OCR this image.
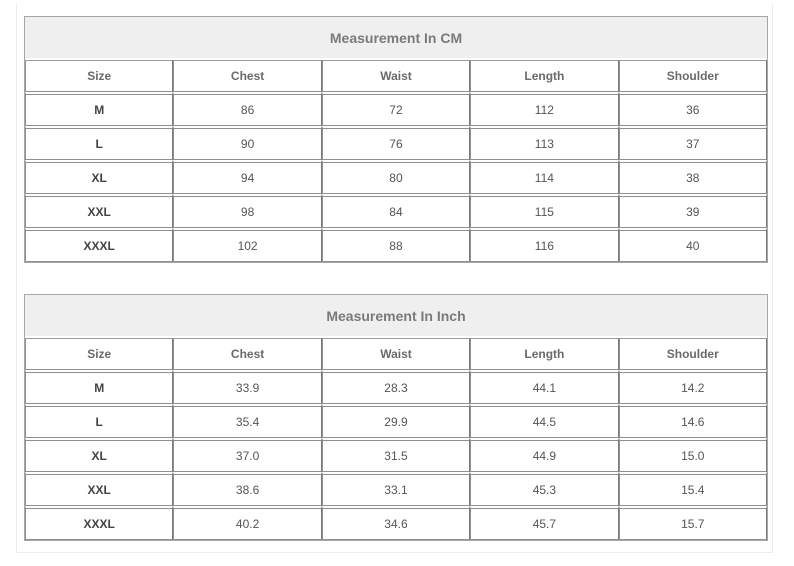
Measurement In CM				
Size	Chest	Waist	Length	Shoulder
M	86	72	112	36
L	90	76	113	37
XL	94	80	114	38
XXL	98	84	115	39
XXXL	102	88	116	40
Measurement In Inch				
Size	Chest	Waist	Length	Shoulder
M	33.9	28.3	44.1	14.2
L	35.4	29.9	44.5	14.6
XL	37.0	31.5	44.9	15.0
XXL	38.6	33.1	45.3	15.4
XXXL	40.2	34.6	45.7	15.7
